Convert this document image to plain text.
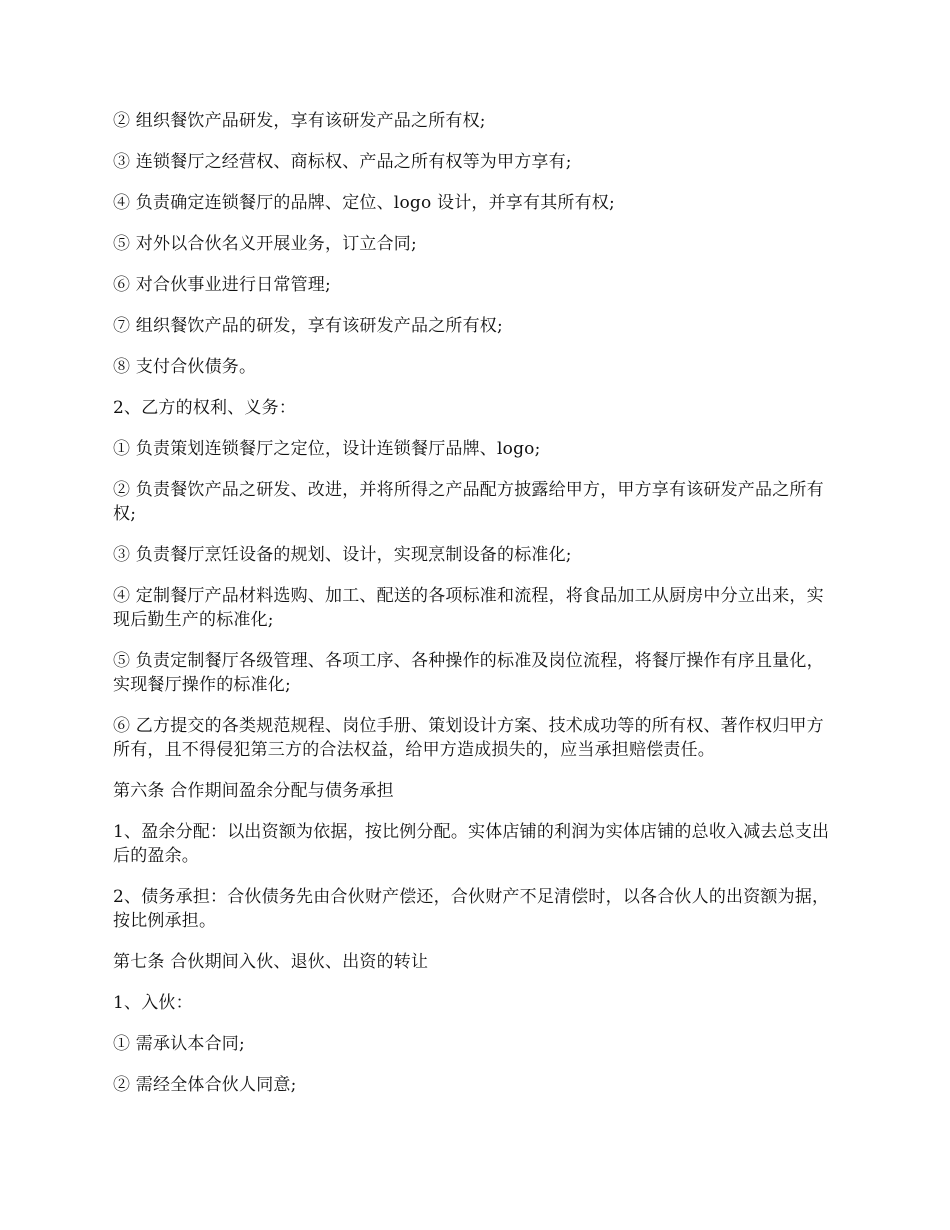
② 组织餐饮产品研发，享有该研发产品之所有权;

③ 连锁餐厅之经营权、商标权、产品之所有权等为甲方享有;

④ 负责确定连锁餐厅的品牌、定位、logo 设计，并享有其所有权;

⑤ 对外以合伙名义开展业务，订立合同;

⑥ 对合伙事业进行日常管理;

⑦ 组织餐饮产品的研发，享有该研发产品之所有权;

⑧ 支付合伙债务。

2、乙方的权利、义务：

① 负责策划连锁餐厅之定位，设计连锁餐厅品牌、logo;

② 负责餐饮产品之研发、改进，并将所得之产品配方披露给甲方，甲方享有该研发产品之所有权;

③ 负责餐厅烹饪设备的规划、设计，实现烹制设备的标准化;

④ 定制餐厅产品材料选购、加工、配送的各项标准和流程，将食品加工从厨房中分立出来，实现后勤生产的标准化;

⑤ 负责定制餐厅各级管理、各项工序、各种操作的标准及岗位流程，将餐厅操作有序且量化，实现餐厅操作的标准化;

⑥ 乙方提交的各类规范规程、岗位手册、策划设计方案、技术成功等的所有权、著作权归甲方所有，且不得侵犯第三方的合法权益，给甲方造成损失的，应当承担赔偿责任。

第六条 合作期间盈余分配与债务承担

1、盈余分配：以出资额为依据，按比例分配。实体店铺的利润为实体店铺的总收入减去总支出后的盈余。

2、债务承担：合伙债务先由合伙财产偿还，合伙财产不足清偿时，以各合伙人的出资额为据，按比例承担。

第七条 合伙期间入伙、退伙、出资的转让

1、入伙：

① 需承认本合同;

② 需经全体合伙人同意;
